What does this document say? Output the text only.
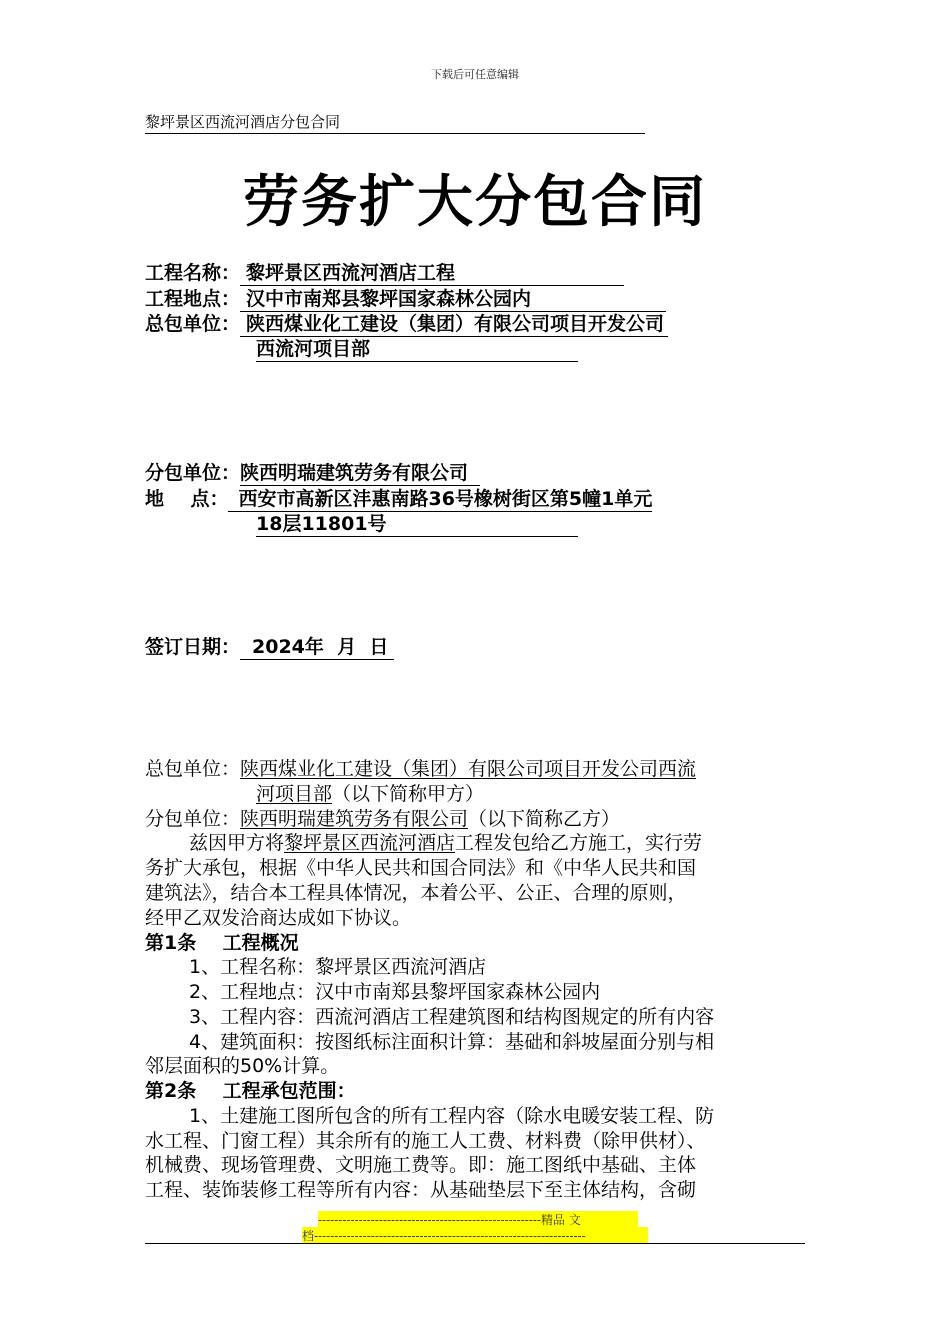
下载后可任意编辑
黎坪景区西流河酒店分包合同
劳务扩大分包合同
工程名称： 黎坪景区西流河酒店工程
工程地点： 汉中市南郑县黎坪国家森林公园内
总包单位： 陕西煤业化工建设（集团）有限公司项目开发公司
西流河项目部
分包单位：陕西明瑞建筑劳务有限公司
地    点： 西安市高新区沣惠南路36号橡树街区第5幢1单元
18层11801号
签订日期： 2024年  月  日
总包单位：陕西煤业化工建设（集团）有限公司项目开发公司西流
河项目部（以下简称甲方）
分包单位：陕西明瑞建筑劳务有限公司（以下简称乙方）
兹因甲方将黎坪景区西流河酒店工程发包给乙方施工，实行劳
务扩大承包，根据《中华人民共和国合同法》和《中华人民共和国
建筑法》，结合本工程具体情况，本着公平、公正、合理的原则，
经甲乙双发洽商达成如下协议。
第1条    工程概况
1、工程名称：黎坪景区西流河酒店
2、工程地点：汉中市南郑县黎坪国家森林公园内
3、工程内容：西流河酒店工程建筑图和结构图规定的所有内容
4、建筑面积：按图纸标注面积计算：基础和斜坡屋面分别与相
邻层面积的50%计算。
第2条    工程承包范围：
1、土建施工图所包含的所有工程内容（除水电暖安装工程、防
水工程、门窗工程）其余所有的施工人工费、材料费（除甲供材）、
机械费、现场管理费、文明施工费等。即：施工图纸中基础、主体
工程、装饰装修工程等所有内容：从基础垫层下至主体结构，含砌
-------------------------------------------------------精品 文
档-------------------------------------------------------------------
